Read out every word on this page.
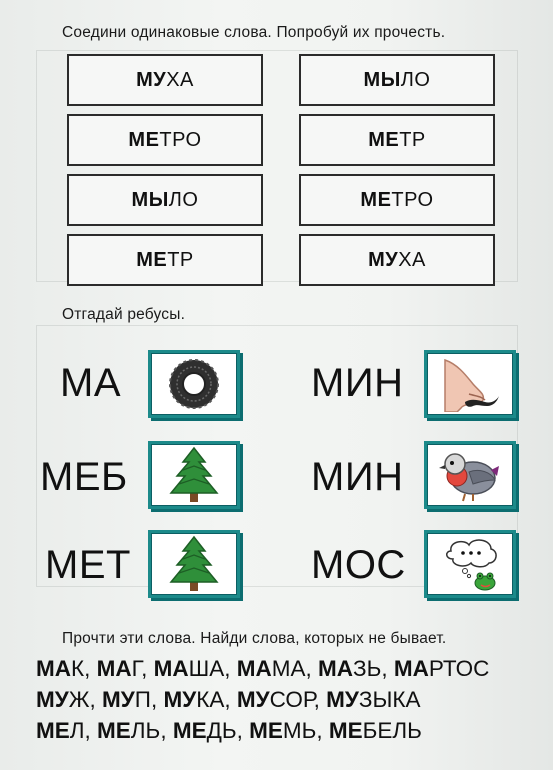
Соедини одинаковые слова. Попробуй их прочесть.
МУ ХА
МЕ ТРО
МЫ ЛО
МЕ ТР
МЫ ЛО
МЕ ТР
МЕ ТРО
МУ ХА
Отгадай ребусы.
МА	МИН
МЕБ	МИН
МЕТ	МОС
Прочти эти слова. Найди слова, которых не бывает.
МАК, МАГ, МАША, МАМА, МАЗЬ, МАРТОС
МУЖ, МУП, МУКА, МУСОР, МУЗЫКА
МЕЛ, МЕЛЬ, МЕДЬ, МЕМЬ, МЕБЕЛЬ
